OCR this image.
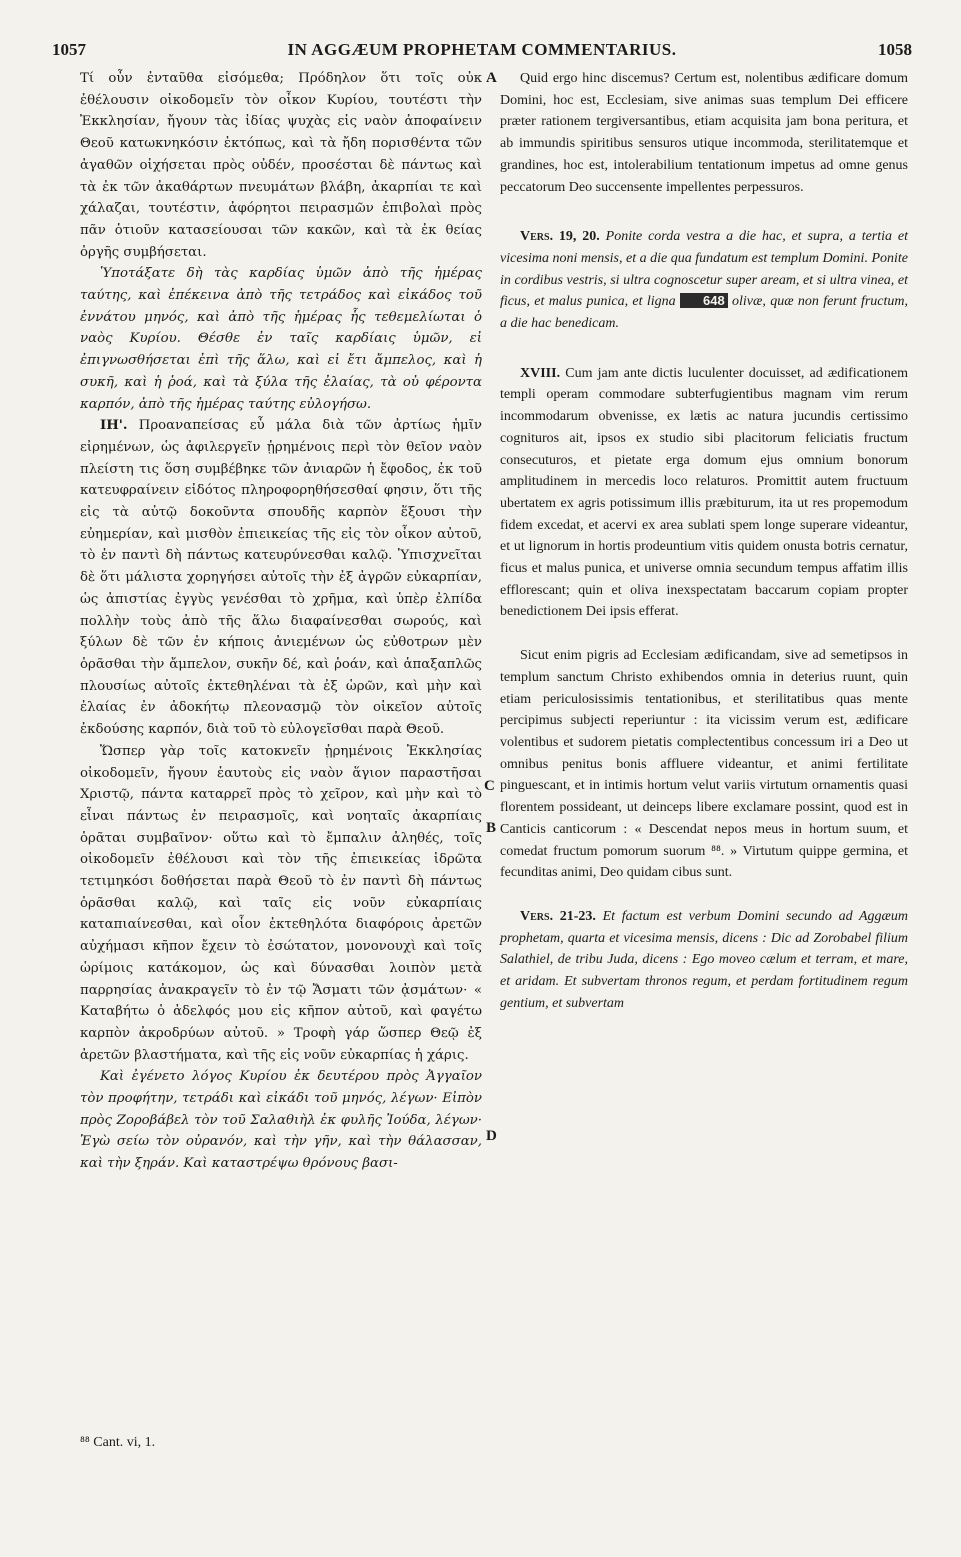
1057	IN AGGÆUM PROPHETAM COMMENTARIUS.	1058
A
B
C
D

Τί οὖν ἐνταῦθα εἰσόμεθα; Πρόδηλον ὅτι τοῖς οὐκ ἐθέλουσιν οἰκοδομεῖν τὸν οἶκον Κυρίου, τουτέστι τὴν Ἐκκλησίαν, ἤγουν τὰς ἰδίας ψυχὰς εἰς ναὸν ἀποφαίνειν Θεοῦ κατωκνηκόσιν ἐκτόπως, καὶ τὰ ἤδη πορισθέντα τῶν ἀγαθῶν οἰχήσεται πρὸς οὐδέν, προσέσται δὲ πάντως καὶ τὰ ἐκ τῶν ἀκαθάρτων πνευμάτων βλάβη, ἀκαρπίαι τε καὶ χάλαζαι, τουτέστιν, ἀφόρητοι πειρασμῶν ἐπιβολαὶ πρὸς πᾶν ὁτιοῦν κατασείουσαι τῶν κακῶν, καὶ τὰ ἐκ θείας ὀργῆς συμβήσεται.

Ὑποτάξατε δὴ τὰς καρδίας ὑμῶν ἀπὸ τῆς ἡμέρας ταύτης, καὶ ἐπέκεινα ἀπὸ τῆς τετράδος καὶ εἰκάδος τοῦ ἐννάτου μηνός, καὶ ἀπὸ τῆς ἡμέρας ἧς τεθεμελίωται ὁ ναὸς Κυρίου. Θέσθε ἐν ταῖς καρδίαις ὑμῶν, εἰ ἐπιγνωσθήσεται ἐπὶ τῆς ἅλω, καὶ εἰ ἔτι ἄμπελος, καὶ ἡ συκῆ, καὶ ἡ ῥοά, καὶ τὰ ξύλα τῆς ἐλαίας, τὰ οὐ φέροντα καρπόν, ἀπὸ τῆς ἡμέρας ταύτης εὐλογήσω.

ΙΗ'. Προαναπείσας εὖ μάλα διὰ τῶν ἀρτίως ἡμῖν εἰρημένων, ὡς ἀφιλεργεῖν ᾑρημένοις περὶ τὸν θεῖον ναὸν πλείστη τις ὅση συμβέβηκε τῶν ἀνιαρῶν ἡ ἔφοδος, ἐκ τοῦ κατευφραίνειν εἰδότος πληροφορηθήσεσθαί φησιν, ὅτι τῆς εἰς τὰ αὐτῷ δοκοῦντα σπουδῆς καρπὸν ἕξουσι τὴν εὐημερίαν, καὶ μισθὸν ἐπιεικείας τῆς εἰς τὸν οἶκον αὐτοῦ, τὸ ἐν παντὶ δὴ πάντως κατευρύνεσθαι καλῷ. Ὑπισχνεῖται δὲ ὅτι μάλιστα χορηγήσει αὐτοῖς τὴν ἐξ ἀγρῶν εὐκαρπίαν, ὡς ἀπιστίας ἐγγὺς γενέσθαι τὸ χρῆμα, καὶ ὑπὲρ ἐλπίδα πολλὴν τοὺς ἀπὸ τῆς ἅλω διαφαίνεσθαι σωρούς, καὶ ξύλων δὲ τῶν ἐν κήποις ἀνιεμένων ὡς εὐθοτρων μὲν ὁρᾶσθαι τὴν ἄμπελον, συκῆν δέ, καὶ ῥοάν, καὶ ἁπαξαπλῶς πλουσίως αὐτοῖς ἐκτεθηλέναι τὰ ἐξ ὡρῶν, καὶ μὴν καὶ ἐλαίας ἐν ἀδοκήτῳ πλεονασμῷ τὸν οἰκεῖον αὐτοῖς ἐκδούσης καρπόν, διὰ τοῦ τὸ εὐλογεῖσθαι παρὰ Θεοῦ.

Ὥσπερ γὰρ τοῖς κατοκνεῖν ᾑρημένοις Ἐκκλησίας οἰκοδομεῖν, ἤγουν ἑαυτοὺς εἰς ναὸν ἅγιον παραστῆσαι Χριστῷ, πάντα καταρρεῖ πρὸς τὸ χεῖρον, καὶ μὴν καὶ τὸ εἶναι πάντως ἐν πειρασμοῖς, καὶ νοηταῖς ἀκαρπίαις ὁρᾶται συμβαῖνον· οὕτω καὶ τὸ ἔμπαλιν ἀληθές, τοῖς οἰκοδομεῖν ἐθέλουσι καὶ τὸν τῆς ἐπιεικείας ἱδρῶτα τετιμηκόσι δοθήσεται παρὰ Θεοῦ τὸ ἐν παντὶ δὴ πάντως ὁρᾶσθαι καλῷ, καὶ ταῖς εἰς νοῦν εὐκαρπίαις καταπιαίνεσθαι, καὶ οἷον ἐκτεθηλότα διαφόροις ἀρετῶν αὐχήμασι κῆπον ἔχειν τὸ ἐσώτατον, μονονουχὶ καὶ τοῖς ὡρίμοις κατάκομον, ὡς καὶ δύνασθαι λοιπὸν μετὰ παρρησίας ἀνακραγεῖν τὸ ἐν τῷ Ἄσματι τῶν ᾀσμάτων· « Καταβήτω ὁ ἀδελφός μου εἰς κῆπον αὐτοῦ, καὶ φαγέτω καρπὸν ἀκροδρύων αὐτοῦ. » Τροφὴ γάρ ὥσπερ Θεῷ ἐξ ἀρετῶν βλαστήματα, καὶ τῆς εἰς νοῦν εὐκαρπίας ἡ χάρις.

Καὶ ἐγένετο λόγος Κυρίου ἐκ δευτέρου πρὸς Ἀγγαῖον τὸν προφήτην, τετράδι καὶ εἰκάδι τοῦ μηνός, λέγων· Εἰπὸν πρὸς Ζοροβάβελ τὸν τοῦ Σαλαθιὴλ ἐκ φυλῆς Ἰούδα, λέγων· Ἐγὼ σείω τὸν οὐρανόν, καὶ τὴν γῆν, καὶ τὴν θάλασσαν, καὶ τὴν ξηράν. Καὶ καταστρέψω θρόνους βασι-

Quid ergo hinc discemus? Certum est, nolentibus ædificare domum Domini, hoc est, Ecclesiam, sive animas suas templum Dei efficere præter rationem tergiversantibus, etiam acquisita jam bona peritura, et ab immundis spiritibus sensuros utique incommoda, sterilitatemque et grandines, hoc est, intolerabilium tentationum impetus ad omne genus peccatorum Deo succensente impellentes perpessuros.

Vers. 19, 20. Ponite corda vestra a die hac, et supra, a tertia et vicesima noni mensis, et a die qua fundatum est templum Domini. Ponite in cordibus vestris, si ultra cognoscetur super aream, et si ultra vinea, et ficus, et malus punica, et ligna 648 olivæ, quæ non ferunt fructum, a die hac benedicam.

XVIII. Cum jam ante dictis luculenter docuisset, ad ædificationem templi operam commodare subterfugientibus magnam vim rerum incommodarum obvenisse, ex lætis ac natura jucundis certissimo cognituros ait, ipsos ex studio sibi placitorum feliciatis fructum consecuturos, et pietate erga domum ejus omnium bonorum amplitudinem in mercedis loco relaturos. Promittit autem fructuum ubertatem ex agris potissimum illis præbiturum, ita ut res propemodum fidem excedat, et acervi ex area sublati spem longe superare videantur, et ut lignorum in hortis prodeuntium vitis quidem onusta botris cernatur, ficus et malus punica, et universe omnia secundum tempus affatim illis efflorescant; quin et oliva inexspectatam baccarum copiam propter benedictionem Dei ipsis efferat.

Sicut enim pigris ad Ecclesiam ædificandam, sive ad semetipsos in templum sanctum Christo exhibendos omnia in deterius ruunt, quin etiam periculosissimis tentationibus, et sterilitatibus quas mente percipimus subjecti reperiuntur : ita vicissim verum est, ædificare volentibus et sudorem pietatis complectentibus concessum iri a Deo ut omnibus penitus bonis affluere videantur, et animi fertilitate pinguescant, et in intimis hortum velut variis virtutum ornamentis quasi florentem possideant, ut deinceps libere exclamare possint, quod est in Canticis canticorum : « Descendat nepos meus in hortum suum, et comedat fructum pomorum suorum ⁸⁸. » Virtutum quippe germina, et fecunditas animi, Deo quidam cibus sunt.

Vers. 21-23. Et factum est verbum Domini secundo ad Aggæum prophetam, quarta et vicesima mensis, dicens : Dic ad Zorobabel filium Salathiel, de tribu Juda, dicens : Ego moveo cælum et terram, et mare, et aridam. Et subvertam thronos regum, et perdam fortitudinem regum gentium, et subvertam

⁸⁸ Cant. vi, 1.
